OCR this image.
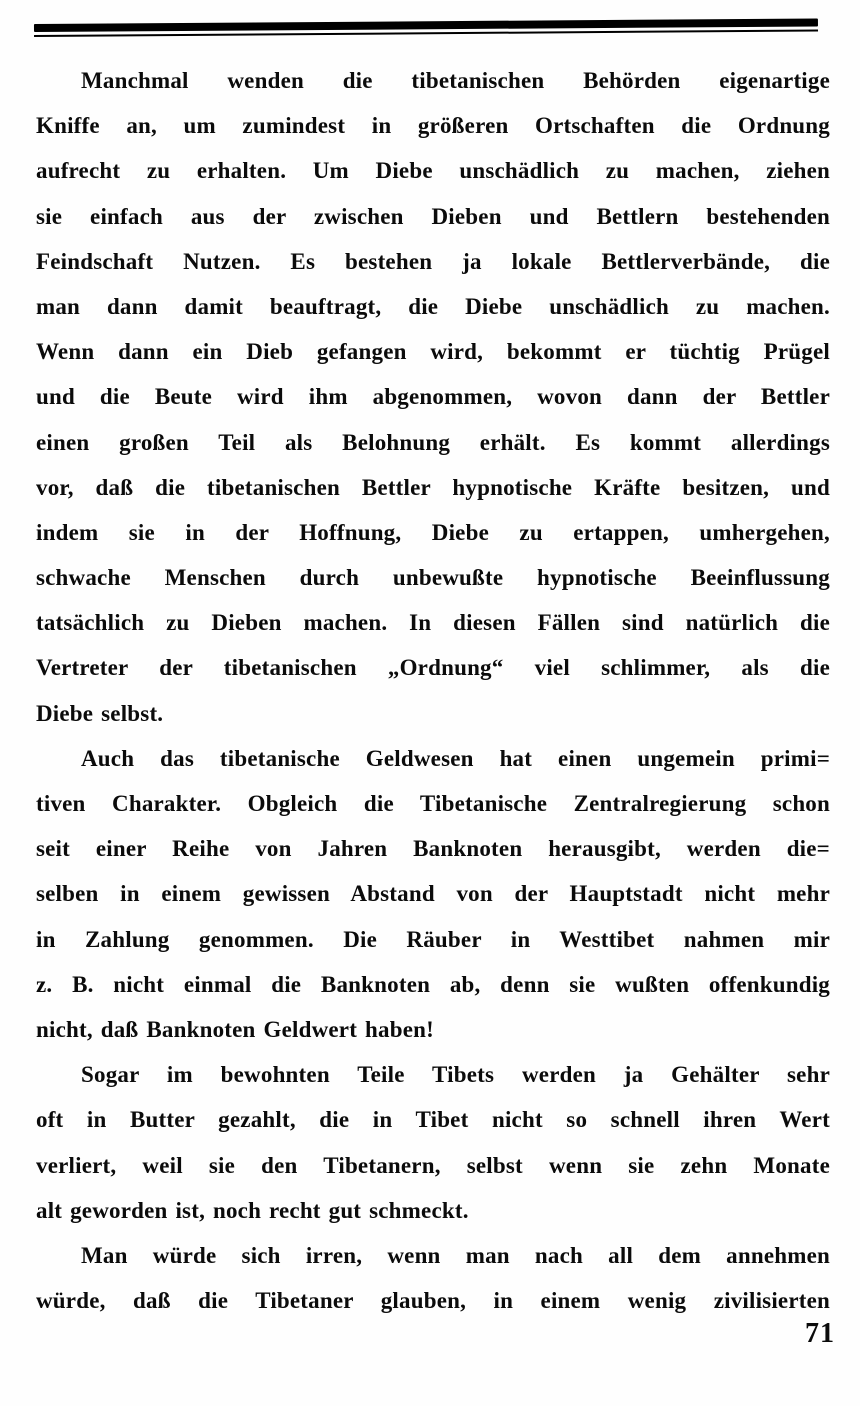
Manchmal wenden die tibetanischen Behörden eigenartige
Kniffe an, um zumindest in größeren Ortschaften die Ordnung
aufrecht zu erhalten. Um Diebe unschädlich zu machen, ziehen
sie einfach aus der zwischen Dieben und Bettlern bestehenden
Feindschaft Nutzen. Es bestehen ja lokale Bettlerverbände, die
man dann damit beauftragt, die Diebe unschädlich zu machen.
Wenn dann ein Dieb gefangen wird, bekommt er tüchtig Prügel
und die Beute wird ihm abgenommen, wovon dann der Bettler
einen großen Teil als Belohnung erhält. Es kommt allerdings
vor, daß die tibetanischen Bettler hypnotische Kräfte besitzen, und
indem sie in der Hoffnung, Diebe zu ertappen, umhergehen,
schwache Menschen durch unbewußte hypnotische Beeinflussung
tatsächlich zu Dieben machen. In diesen Fällen sind natürlich die
Vertreter der tibetanischen „Ordnung“ viel schlimmer, als die
Diebe selbst.
Auch das tibetanische Geldwesen hat einen ungemein primi=
tiven Charakter. Obgleich die Tibetanische Zentralregierung schon
seit einer Reihe von Jahren Banknoten herausgibt, werden die=
selben in einem gewissen Abstand von der Hauptstadt nicht mehr
in Zahlung genommen. Die Räuber in Westtibet nahmen mir
z. B. nicht einmal die Banknoten ab, denn sie wußten offenkundig
nicht, daß Banknoten Geldwert haben!
Sogar im bewohnten Teile Tibets werden ja Gehälter sehr
oft in Butter gezahlt, die in Tibet nicht so schnell ihren Wert
verliert, weil sie den Tibetanern, selbst wenn sie zehn Monate
alt geworden ist, noch recht gut schmeckt.
Man würde sich irren, wenn man nach all dem annehmen
würde, daß die Tibetaner glauben, in einem wenig zivilisierten
71
